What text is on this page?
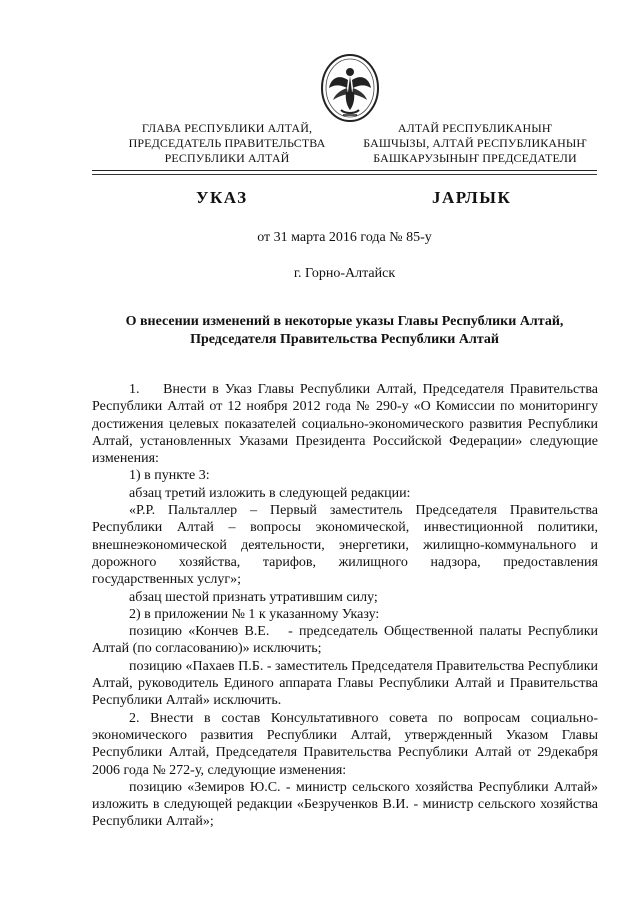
ГЛАВА РЕСПУБЛИКИ АЛТАЙ,
ПРЕДСЕДАТЕЛЬ ПРАВИТЕЛЬСТВА
РЕСПУБЛИКИ АЛТАЙ
АЛТАЙ РЕСПУБЛИКАНЫҤ
БАШЧЫЗЫ, АЛТАЙ РЕСПУБЛИКАНЫҤ
БАШКАРУЗЫНЫҤ ПРЕДСЕДАТЕЛИ
УКАЗ	JАРЛЫК
от 31 марта 2016 года № 85-у
г. Горно-Алтайск
О внесении изменений в некоторые указы Главы Республики Алтай,
Председателя Правительства Республики Алтай

1.    Внести в Указ Главы Республики Алтай, Председателя Правительства Республики Алтай от 12 ноября 2012 года № 290-у «О Комиссии по мониторингу достижения целевых показателей социально-экономического развития Республики Алтай, установленных Указами Президента Российской Федерации» следующие изменения:

1) в пункте 3:

абзац третий изложить в следующей редакции:

«Р.Р. Пальталлер – Первый заместитель Председателя Правительства Республики Алтай – вопросы экономической, инвестиционной политики, внешнеэкономической деятельности, энергетики, жилищно-коммунального и дорожного хозяйства, тарифов, жилищного надзора, предоставления государственных услуг»;

абзац шестой признать утратившим силу;

2) в приложении № 1 к указанному Указу:

позицию «Кончев В.Е.   - председатель Общественной палаты Республики Алтай (по согласованию)» исключить;

позицию «Пахаев П.Б. - заместитель Председателя Правительства Республики Алтай, руководитель Единого аппарата Главы Республики Алтай и Правительства Республики Алтай» исключить.

2. Внести в состав Консультативного совета по вопросам социально-экономического развития Республики Алтай, утвержденный Указом Главы Республики Алтай, Председателя Правительства Республики Алтай от 29декабря 2006 года № 272-у, следующие изменения:

позицию «Земиров Ю.С. - министр сельского хозяйства Республики Алтай» изложить в следующей редакции «Безрученков В.И. - министр сельского хозяйства Республики Алтай»;
